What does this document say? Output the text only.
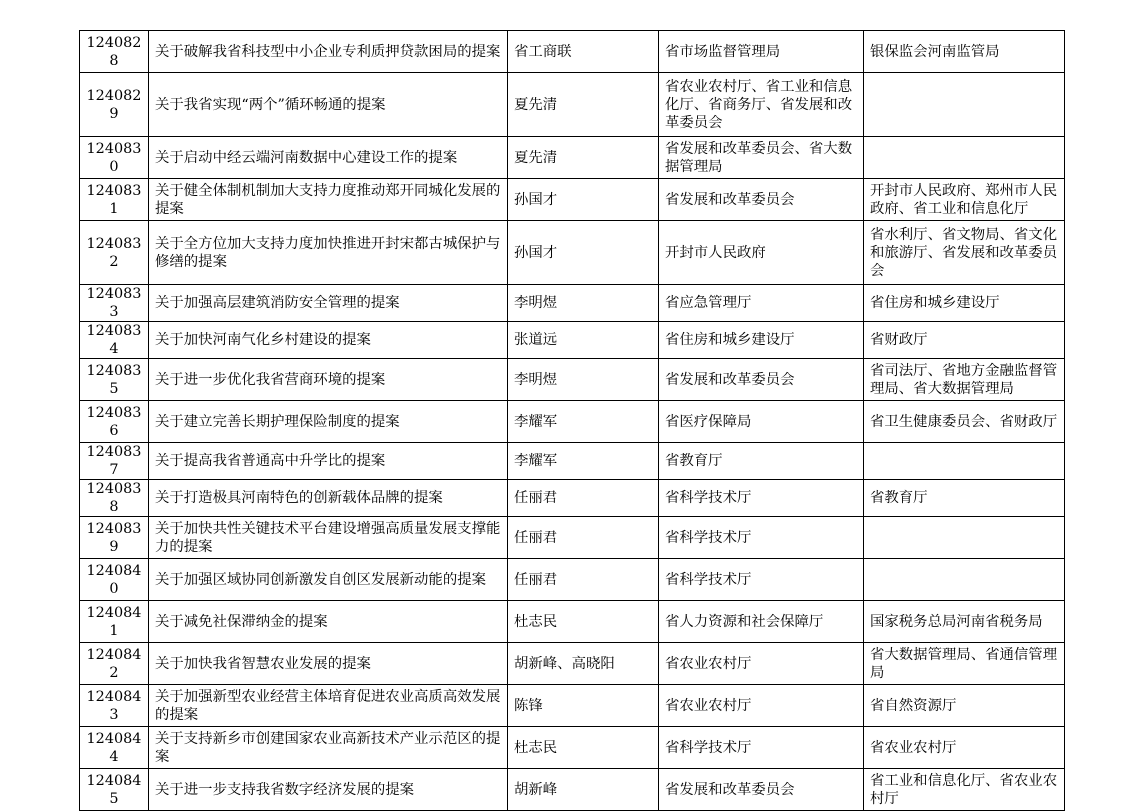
1240828	关于破解我省科技型中小企业专利质押贷款困局的提案	省工商联	省市场监督管理局	银保监会河南监管局
1240829	关于我省实现“两个”循环畅通的提案	夏先清	省农业农村厅、省工业和信息化厅、省商务厅、省发展和改革委员会	
1240830	关于启动中经云端河南数据中心建设工作的提案	夏先清	省发展和改革委员会、省大数据管理局	
1240831	关于健全体制机制加大支持力度推动郑开同城化发展的提案	孙国才	省发展和改革委员会	开封市人民政府、郑州市人民政府、省工业和信息化厅
1240832	关于全方位加大支持力度加快推进开封宋都古城保护与修缮的提案	孙国才	开封市人民政府	省水利厅、省文物局、省文化和旅游厅、省发展和改革委员会
1240833	关于加强高层建筑消防安全管理的提案	李明煜	省应急管理厅	省住房和城乡建设厅
1240834	关于加快河南气化乡村建设的提案	张道远	省住房和城乡建设厅	省财政厅
1240835	关于进一步优化我省营商环境的提案	李明煜	省发展和改革委员会	省司法厅、省地方金融监督管理局、省大数据管理局
1240836	关于建立完善长期护理保险制度的提案	李耀军	省医疗保障局	省卫生健康委员会、省财政厅
1240837	关于提高我省普通高中升学比的提案	李耀军	省教育厅	
1240838	关于打造极具河南特色的创新载体品牌的提案	任丽君	省科学技术厅	省教育厅
1240839	关于加快共性关键技术平台建设增强高质量发展支撑能力的提案	任丽君	省科学技术厅	
1240840	关于加强区域协同创新激发自创区发展新动能的提案	任丽君	省科学技术厅	
1240841	关于减免社保滞纳金的提案	杜志民	省人力资源和社会保障厅	国家税务总局河南省税务局
1240842	关于加快我省智慧农业发展的提案	胡新峰、高晓阳	省农业农村厅	省大数据管理局、省通信管理局
1240843	关于加强新型农业经营主体培育促进农业高质高效发展的提案	陈锋	省农业农村厅	省自然资源厅
1240844	关于支持新乡市创建国家农业高新技术产业示范区的提案	杜志民	省科学技术厅	省农业农村厅
1240845	关于进一步支持我省数字经济发展的提案	胡新峰	省发展和改革委员会	省工业和信息化厅、省农业农村厅
